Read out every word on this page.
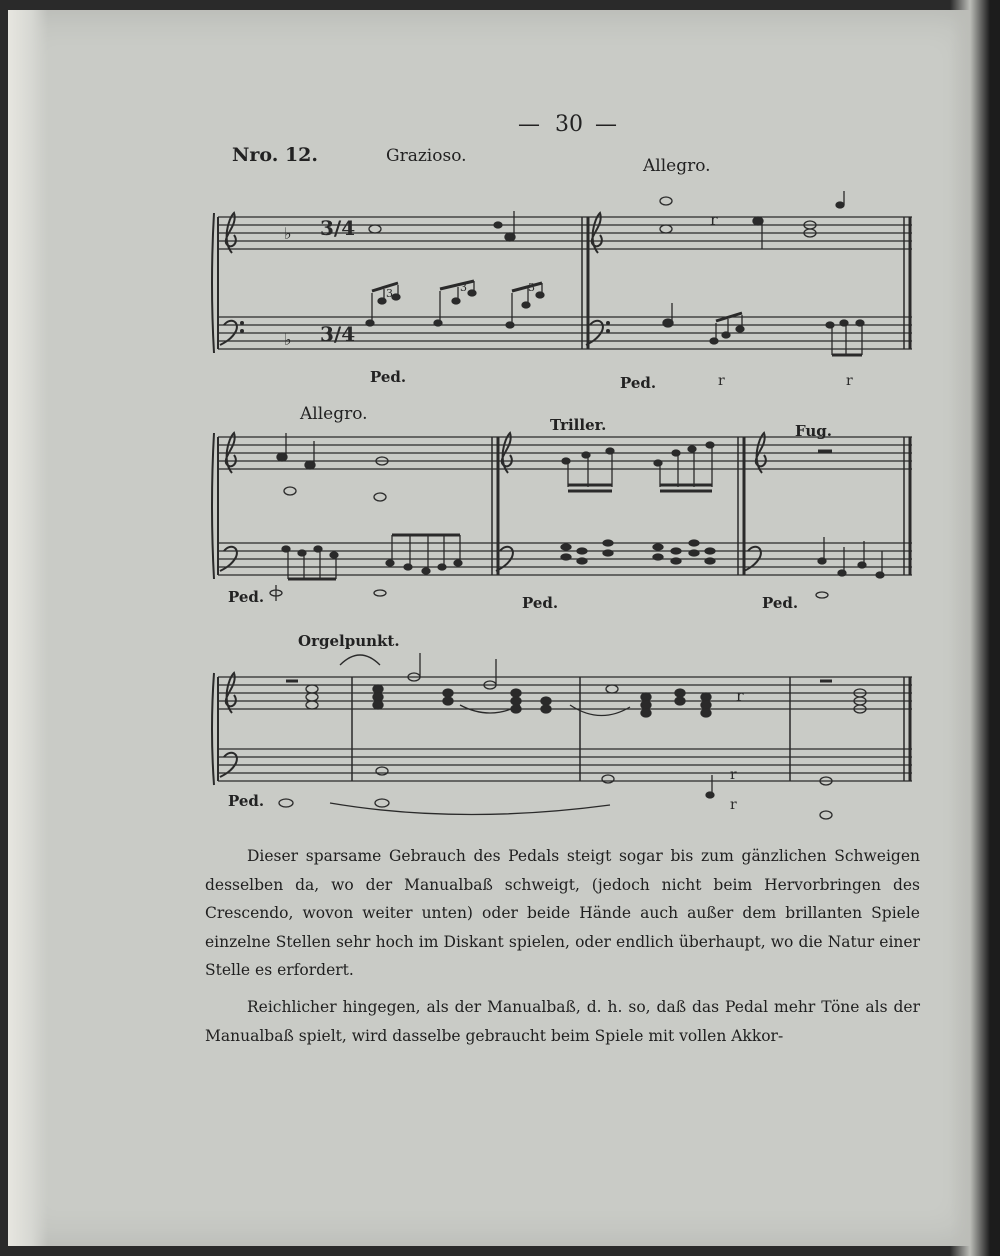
— 30 —
Nro. 12.	Grazioso.	Allegro.
Allegro.
Triller.	Fug.
Orgelpunkt.
Ped.	Ped.
Ped.	Ped.	Ped.
Ped.
♭
♭
3/4
3/4
r
3	3	3
r	r
r
r
r
Dieser sparsame Gebrauch des Pedals steigt sogar bis zum gänzlichen Schweigen desselben da, wo der Manualbaß schweigt, (jedoch nicht beim Hervorbringen des Crescendo, wovon weiter unten) oder beide Hände auch außer dem brillanten Spiele einzelne Stellen sehr hoch im Diskant spielen, oder endlich überhaupt, wo die Natur einer Stelle es erfordert.
Reichlicher hingegen, als der Manualbaß, d. h. so, daß das Pedal mehr Töne als der Manualbaß spielt, wird dasselbe gebraucht beim Spiele mit vollen Akkor-
